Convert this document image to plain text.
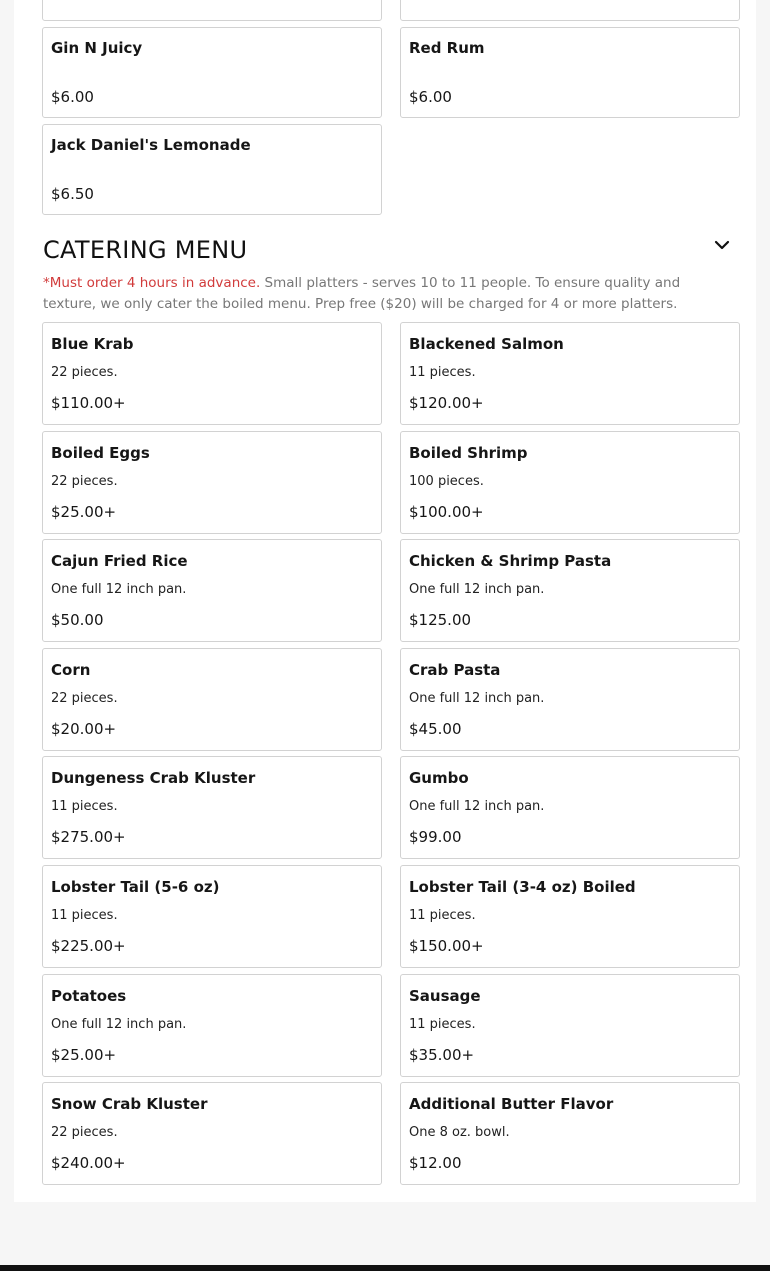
Gin N Juicy
$6.00
Red Rum
$6.00
Jack Daniel's Lemonade
$6.50
CATERING MENU
*Must order 4 hours in advance. Small platters - serves 10 to 11 people. To ensure quality and texture, we only cater the boiled menu. Prep free ($20) will be charged for 4 or more platters.
Blue Krab
22 pieces.
$110.00+
Blackened Salmon
11 pieces.
$120.00+
Boiled Eggs
22 pieces.
$25.00+
Boiled Shrimp
100 pieces.
$100.00+
Cajun Fried Rice
One full 12 inch pan.
$50.00
Chicken & Shrimp Pasta
One full 12 inch pan.
$125.00
Corn
22 pieces.
$20.00+
Crab Pasta
One full 12 inch pan.
$45.00
Dungeness Crab Kluster
11 pieces.
$275.00+
Gumbo
One full 12 inch pan.
$99.00
Lobster Tail (5-6 oz)
11 pieces.
$225.00+
Lobster Tail (3-4 oz) Boiled
11 pieces.
$150.00+
Potatoes
One full 12 inch pan.
$25.00+
Sausage
11 pieces.
$35.00+
Snow Crab Kluster
22 pieces.
$240.00+
Additional Butter Flavor
One 8 oz. bowl.
$12.00
